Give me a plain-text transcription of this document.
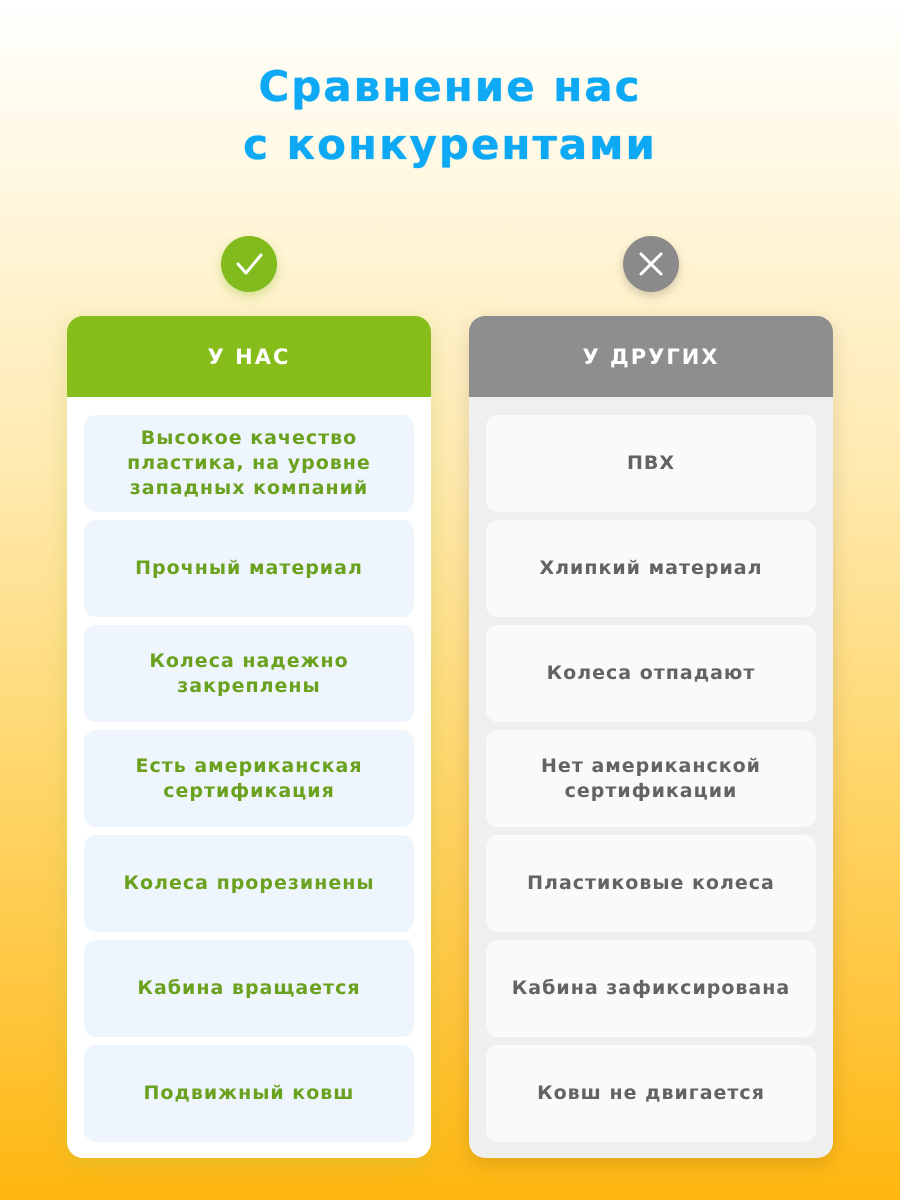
Сравнение нас
с конкурентами
У НАС
Высокое качество пластика, на уровне западных компаний
Прочный материал
Колеса надежно закреплены
Есть американская сертификация
Колеса прорезинены
Кабина вращается
Подвижный ковш
У ДРУГИХ
ПВХ
Хлипкий материал
Колеса отпадают
Нет американской сертификации
Пластиковые колеса
Кабина зафиксирована
Ковш не двигается
